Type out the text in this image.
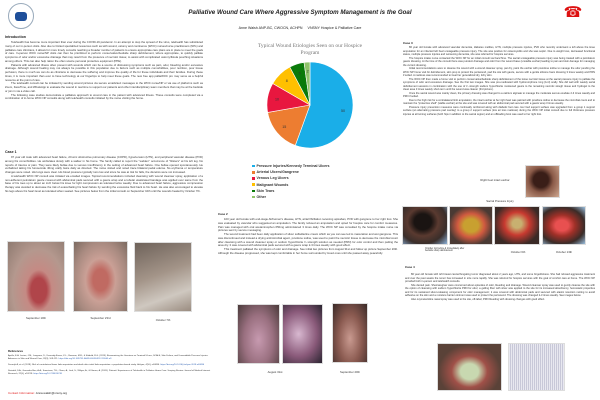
☎
Palliative Wound Care Where Aggressive Symptom Management is the Goal
Anne Walsh ANP-BC, CWOCN, ACHPN VNSNY Hospice & Palliative Care
Introduction

Telehealth has become more important than ever during the COVID-19 pandemic. In an attempt to stop the spread of the virus, telehealth has substituted many of our in-person visits. Also due to limited specialized resources such as with wound, ostomy and continence (WOC) nurses/nurse practitioners (NPs) and palliative care clinicians, it allows for more timely consults reaching a broader number of patients to ensure appropriate care plans are in place to meet the goals of care. In-person WOC nurse/NP visits can then be prioritized to perform conservative/bedside sharp debridement, where appropriate, to quickly palliate symptoms of odor and/or excessive drainage that may result from the presence of necrotic tissue; to assist with complicated ostomy/fistula pouching situations among others. This can also help ration the often scarce personal protective equipment (PPE).

Patients with advanced illness often present with wounds which can be a source of distressing symptoms such as pain, odor, bleeding and/or excessive drainage. Although wound healing may not always be possible in this population due to factors such as multiple comorbidities, poor nutrition, poor tissue perfusion, there is much we can do as clinicians to decrease the suffering and improve the quality of life for these individuals and their families. During these times, it is more important than ever to have technology at our fingertips to help meet these goals. The new free app palliaWOC pro may serve as a helpful resource at the point of care.

The telehealth consult can be initiated by sending wound pictures via secure emails/text messages to the WOC nurse/NP or via use of platforms such as Zoom, FaceTime, and WhatsApp to evaluate the wound in real time to support our patients and other interdisciplinary team members that may be at the bedside or join in via a video call.

The following case studies demonstrate a palliative approach to wound care in the patient with advanced illness. These consults were completed via a combination of in-home WOC NP consults along with telehealth consults initiated by the nurse visiting the home.

Case 1

97 year old male with advanced heart failure, chronic obstructive pulmonary disease (COPD), hypertension (HTN), and peripheral vascular disease (PVD) among his comorbidities. He ambulates slowly with a walker in his home. The family called to report the "sudden" occurrence of "blisters" at his left leg. No reports of trauma or pain. They were likely bullae due to venous insufficiency in the setting of advanced heart failure. One bullae opened spontaneously. He verbalized taking his furosemide 40mg orally twice daily as directed. The nurse visited and noted trace bilateral pedal edema. No erythema or temperature changes were noted. His lungs were clear. His blood pressure typically runs low and since he was at risk for falls, the diuretics were not increased.

A telehealth WOC NP consult was initiated via emailed images. Topical recommendations included cleansing with wound cleanser spray, application of a non-adherent petrolatum gauze covered with abdominal pads secured with a gauze wrap and a tubular elasticated bandage was applied over same from the base of his toes up to about an inch below his knee for light compression as tolerated twice weekly. Due to advanced heart failure, aggressive compression therapy was avoided to decrease the risk of exacerbating his heart failure by sending the excessive fluid back to his heart. He was also encouraged to elevate his legs above his heart level as tolerated when seated. See pictures below from the initial consult on September 10th until the wounds healed by October 7th.

September 10th	September 23rd	October 7th
References
Ayello, E.A. Levine, J.M., Langemo, D., Kennedy-Evans, K.L., Brennan, M.R., & Sibbald, R.G. (2019). Reexamining the Literature on Terminal Ulcers, SCALE, Skin Failure, and Unavoidable Pressure Injuries. Advances in Skin and Wound Care, 32(3), 109-121. https://doi.org/10.1097/01.ASW.0000553112.55505.a9
Dosanjh A, et al. (2018). Risk of contralateral lower limb amputation and death after initial limb amputation: a population-based study. Heliyon, 4(10), e00836. https://doi.org/10.1016/j.heliyon.2018.e00836
Steindal, S.A., Gonzalez-Nes, A.A., Småstuen, T.E., Olsen, A., Lind, S., Wiliger, A., & Klarare, A. (2020). Patients' Experiences of Telehealth in Palliative Home Care: Scoping Review. Journal of Medical Internet Research, 22(5), e16218. https://doi.org/10.2196/16218
Contact Information: Anna.walsh@vnsny.org
Typical Wound Etiologies Seen on our Hospice Program
50
15
10
8
5 2
Pressure Injuries/Kennedy Terminal Ulcers
Arterial Ulcers/Gangrene
Venous Leg Ulcers
Malignant Wounds
Skin Tears
Other
Case 2

100 year old female with end-stage Alzheimer's disease, HTN, atrial fibrillation receiving apixaban, PVD with gangrene to her right foot. She was evaluated by vascular who suggested an amputation. The family refused an amputation and opted for hospice care for comfort measures. Pain was managed with oral acetaminophen 650mg administered 3 times daily. The WOC NP was consulted by the hospice intake nurse via pictures sent by secure messaging.

The wound treatment had been daily application of silver sulfadiazine cream which as you can see led to maceration and wet gangrene. This was discontinued and instead a drying antimicrobial agent, povidone iodine, was used to paint the necrotic tissue to decrease the microbial count after cleansing with a wound cleanser spray or sodium hypochlorite ¼ strength solution as needed (PRN) for odor control and then patting the area dry. It was covered with abdominal pads secured with a gauze wrap 2-3 times weekly with good effect.

This treatment palliated the symptoms of odor and drainage. See initial two pictures from August 31st and follow up picture September 20th. Although the disease progressed, she was kept comfortable in her home surrounded by loved ones until she passed away peacefully.

August 31st	September 20th
Case 3

86 year old female with advanced vascular dementia, diabetes mellitus, HTN, multiple pressure injuries, PVD who recently underwent a left above the knee amputation for an infected left heel unstageable pressure injury. The site was positive for osteomyelitis and she was septic. Due to weight loss, decreased functional status, multiple pressure injuries and worsening dementia, she was referred for hospice services.

The hospice intake nurse contacted the WOC NP for an initial consult via FaceTime. The sacral unstageable pressure injury was being treated with a petrolatum gauze dressing. At the time of the consult there was purulent drainage and odor from the wound base (unstable eschar) leading to pain and skin damage for managing the current dressing.

Initial recommendations were to cleanse the wound with a wound cleanser spray, pat dry, paint the eschar with povidone iodine to manage the odor pending the WOC NP home visit for debridement, skin prep to protect the periwound, pad the site with gauze, secure with a gentle silicone foam dressing 3 times weekly and PRN if soiled. A mattress was recommended to treat her generalized dry, itchy skin.

The WOC NP then made a home visit to perform conservative/bedside sharp debridement of the loose necrotic tissue at the sacral pressure injury to palliate the symptoms of odor and excessive drainage. See the first two images. She was pre-medicated with hydromorphone 1mg (1ml) orally. She did well with weekly serial debridement sessions in combination with the use of ¼ strength sodium hypochlorite moistened gauze to the remaining necrotic slough tissue and hydrogel to the clean area 3 times weekly short-term until the wound was cleaner (3rd picture).

Once the sacral wound was mainly clean, the primary dressing was changed to a calcium alginate to manage the moderate serous exudate 2-3 times weekly and PRN if soiled.

Due to the high risk for a contralateral limb amputation, the intact eschar at her right heel was painted with povidone iodine to decrease the microbial count and to maintain the "protective shell" (stable eschar) at the site and was covered with an abdominal pad secured with a gauze wrap 3 times weekly.

Pressure injury prevention measures were continually reinforced along with diabetic foot care. Her bed support surface was upgraded from a group 1 support surface (an alternating pressure pad overlay) to a group 2 support surface (low air loss mattress) during the WOC NP initial consult due to full thickness pressure injuries at all turning surfaces (both hips in addition to the sacral region) and an offloading boot was used to her right foot.

Right heel intact eschar
Sacral Pressure Injury
October 1st before & immediately after bedside sharp debridement	October 6th	October 13th
Case 4

80 year old female with left breast cancer/fungating tumor diagnosed about 2 years ago, HTN, and some forgetfulness. She had refused aggressive treatment and over the past weeks the tumor has increased in size more rapidly. She was referred for hospice services with the goal of comfort care at home. The WOC NP provided both in-person and telehealth consults.

She denied pain. She/caregiver were concerned about episodes of odor, bleeding and drainage. Wound cleanser spray was used to gently cleanse the site with the option of cleansing with sodium hypochlorite PRN for odor; a gelling fiber with silver was applied to the site for its increased absorbency, hemostatic properties and for its sustained silver-releasing component for odor management; it was covered with abdominal pads and secured with elastic retention netting to avoid adhesive on the skin and a moisture barrier ointment was used to protect the periwound. The dressing was changed 2-3 times weekly. See images below.

Also oxymetazoline nasal spray was used to the site, off-label, PRN bleeding with dressing changes with good effect.
